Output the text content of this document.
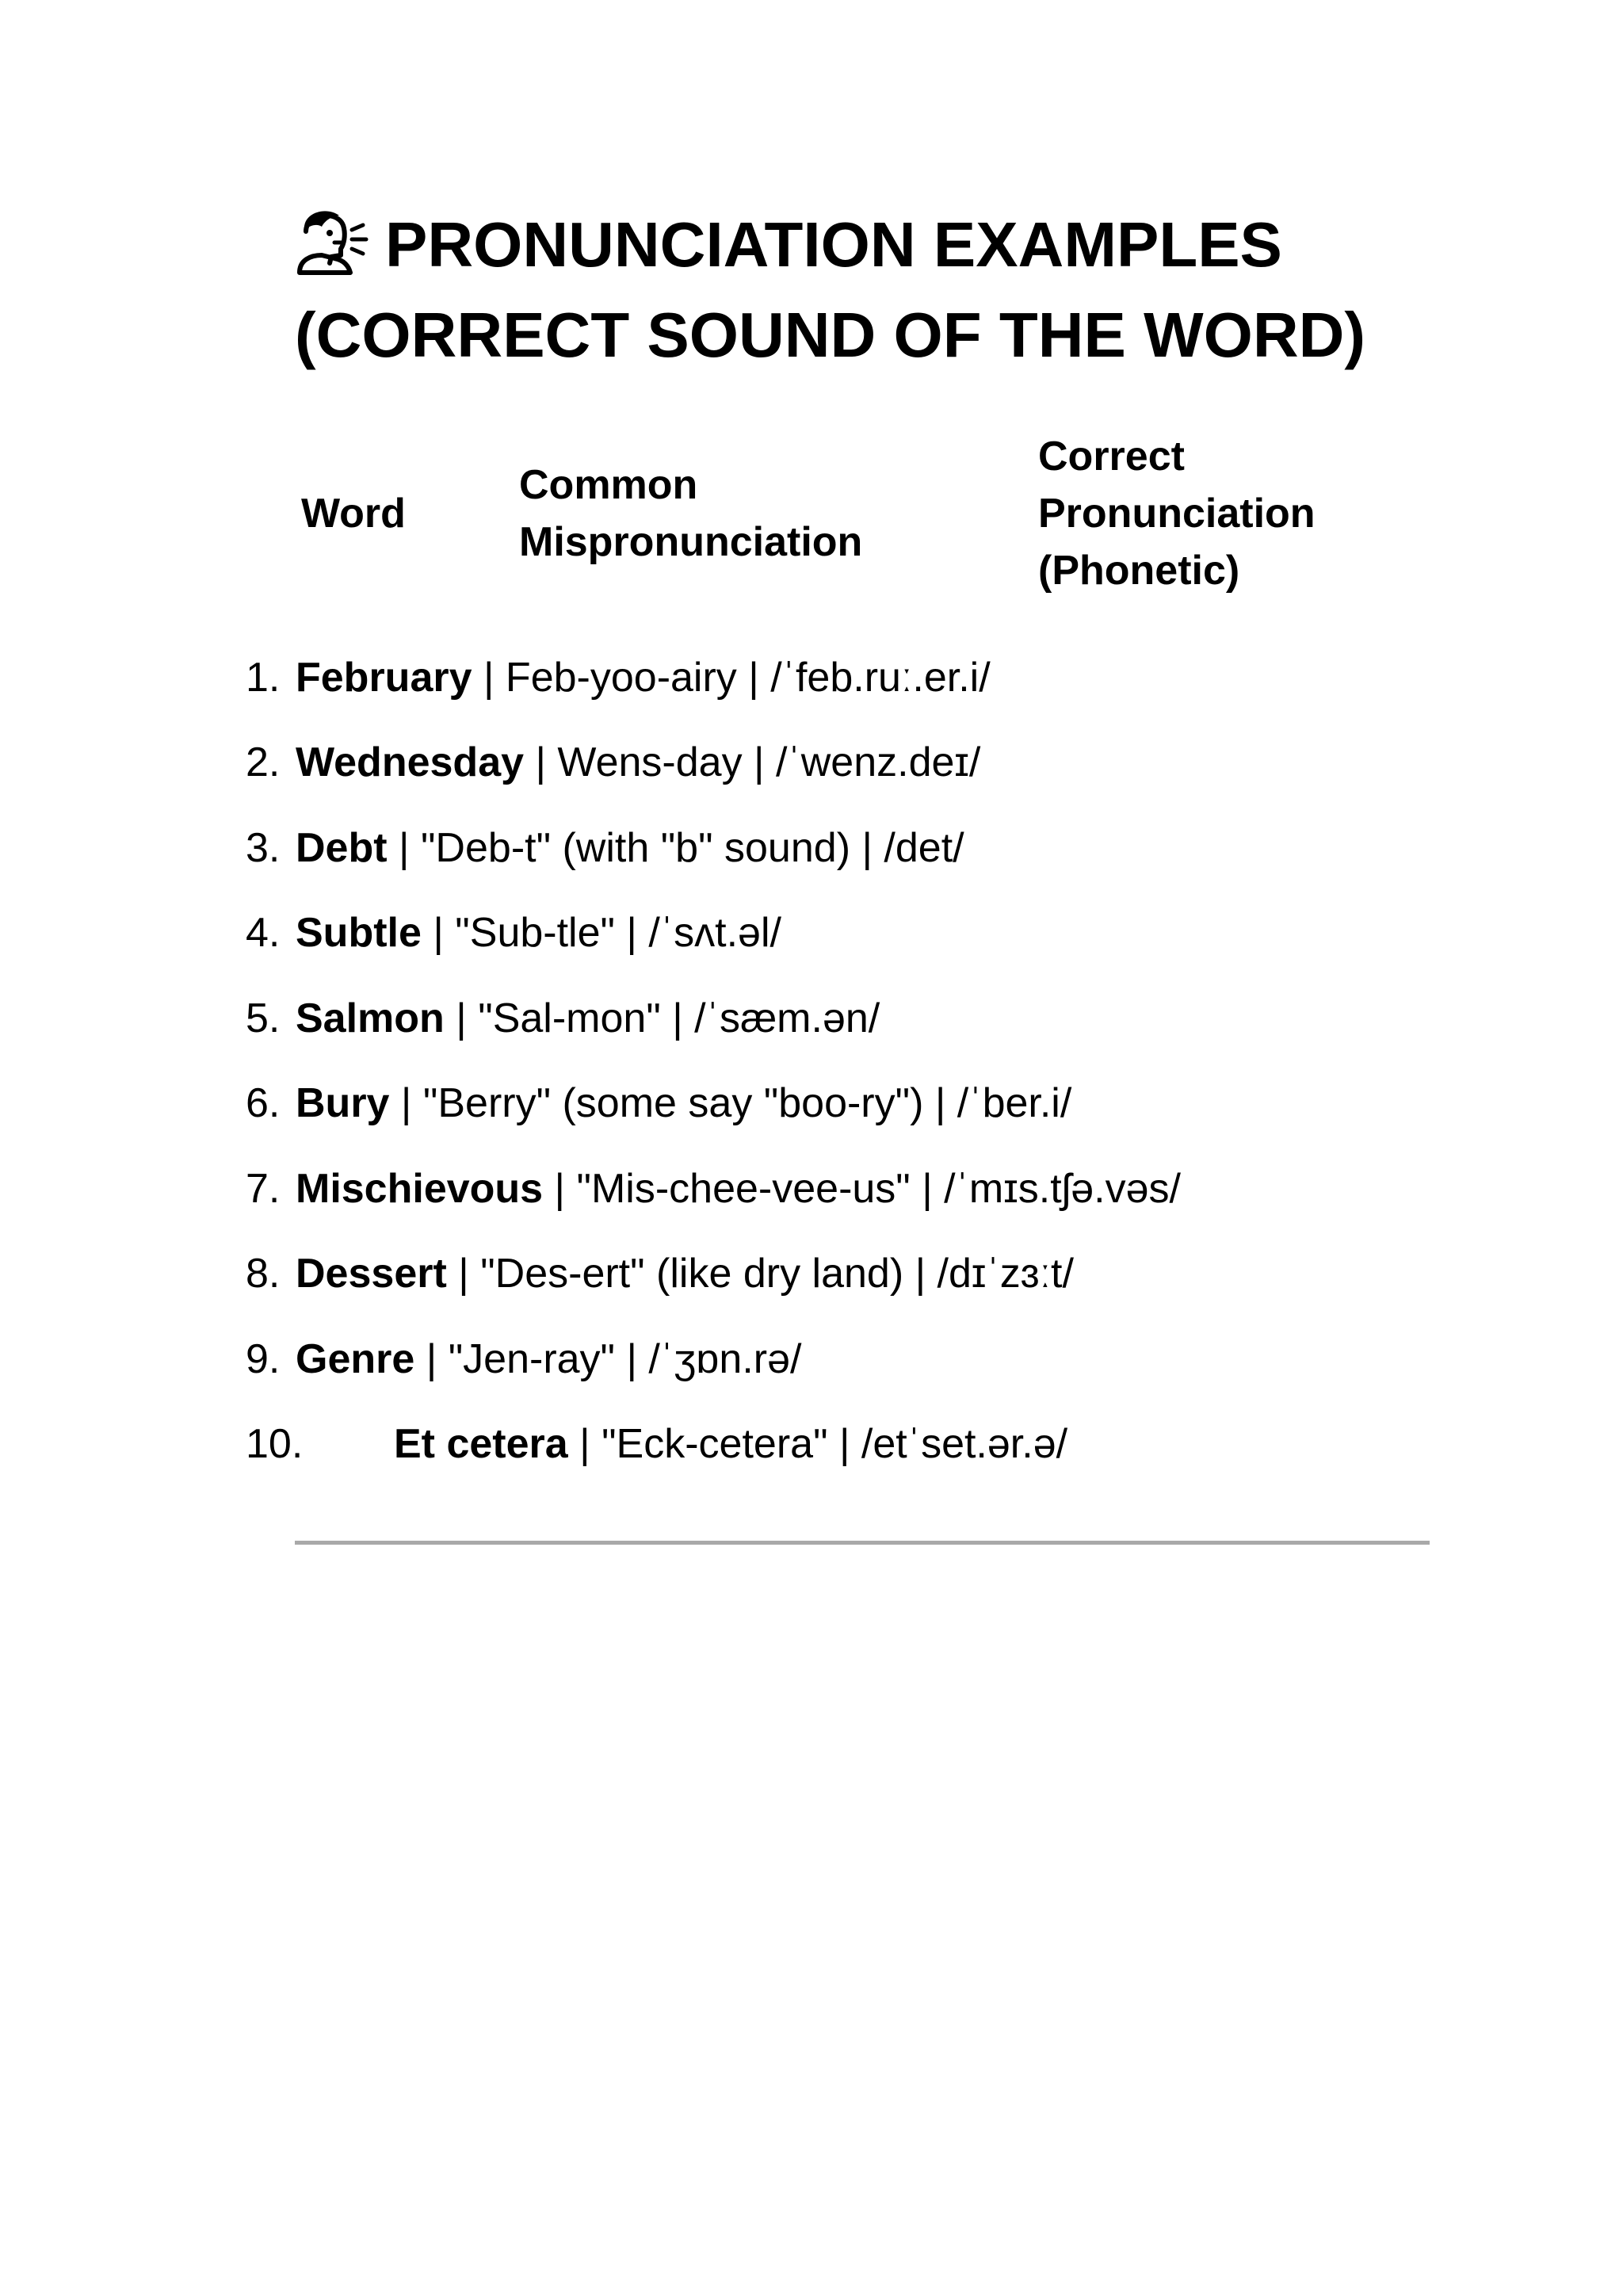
PRONUNCIATION EXAMPLES
(CORRECT SOUND OF THE WORD)
Word
Common
Mispronunciation
Correct
Pronunciation
(Phonetic)
1. February | Feb-yoo-airy | /ˈfeb.ruː.er.i/
2. Wednesday | Wens-day | /ˈwenz.deɪ/
3. Debt | "Deb-t" (with "b" sound) | /det/
4. Subtle | "Sub-tle" | /ˈsʌt.əl/
5. Salmon | "Sal-mon" | /ˈsæm.ən/
6. Bury | "Berry" (some say "boo-ry") | /ˈber.i/
7. Mischievous | "Mis-chee-vee-us" | /ˈmɪs.tʃə.vəs/
8. Dessert | "Des-ert" (like dry land) | /dɪˈzɜːt/
9. Genre | "Jen-ray" | /ˈʒɒn.rə/
10. Et cetera | "Eck-cetera" | /etˈset.ər.ə/
